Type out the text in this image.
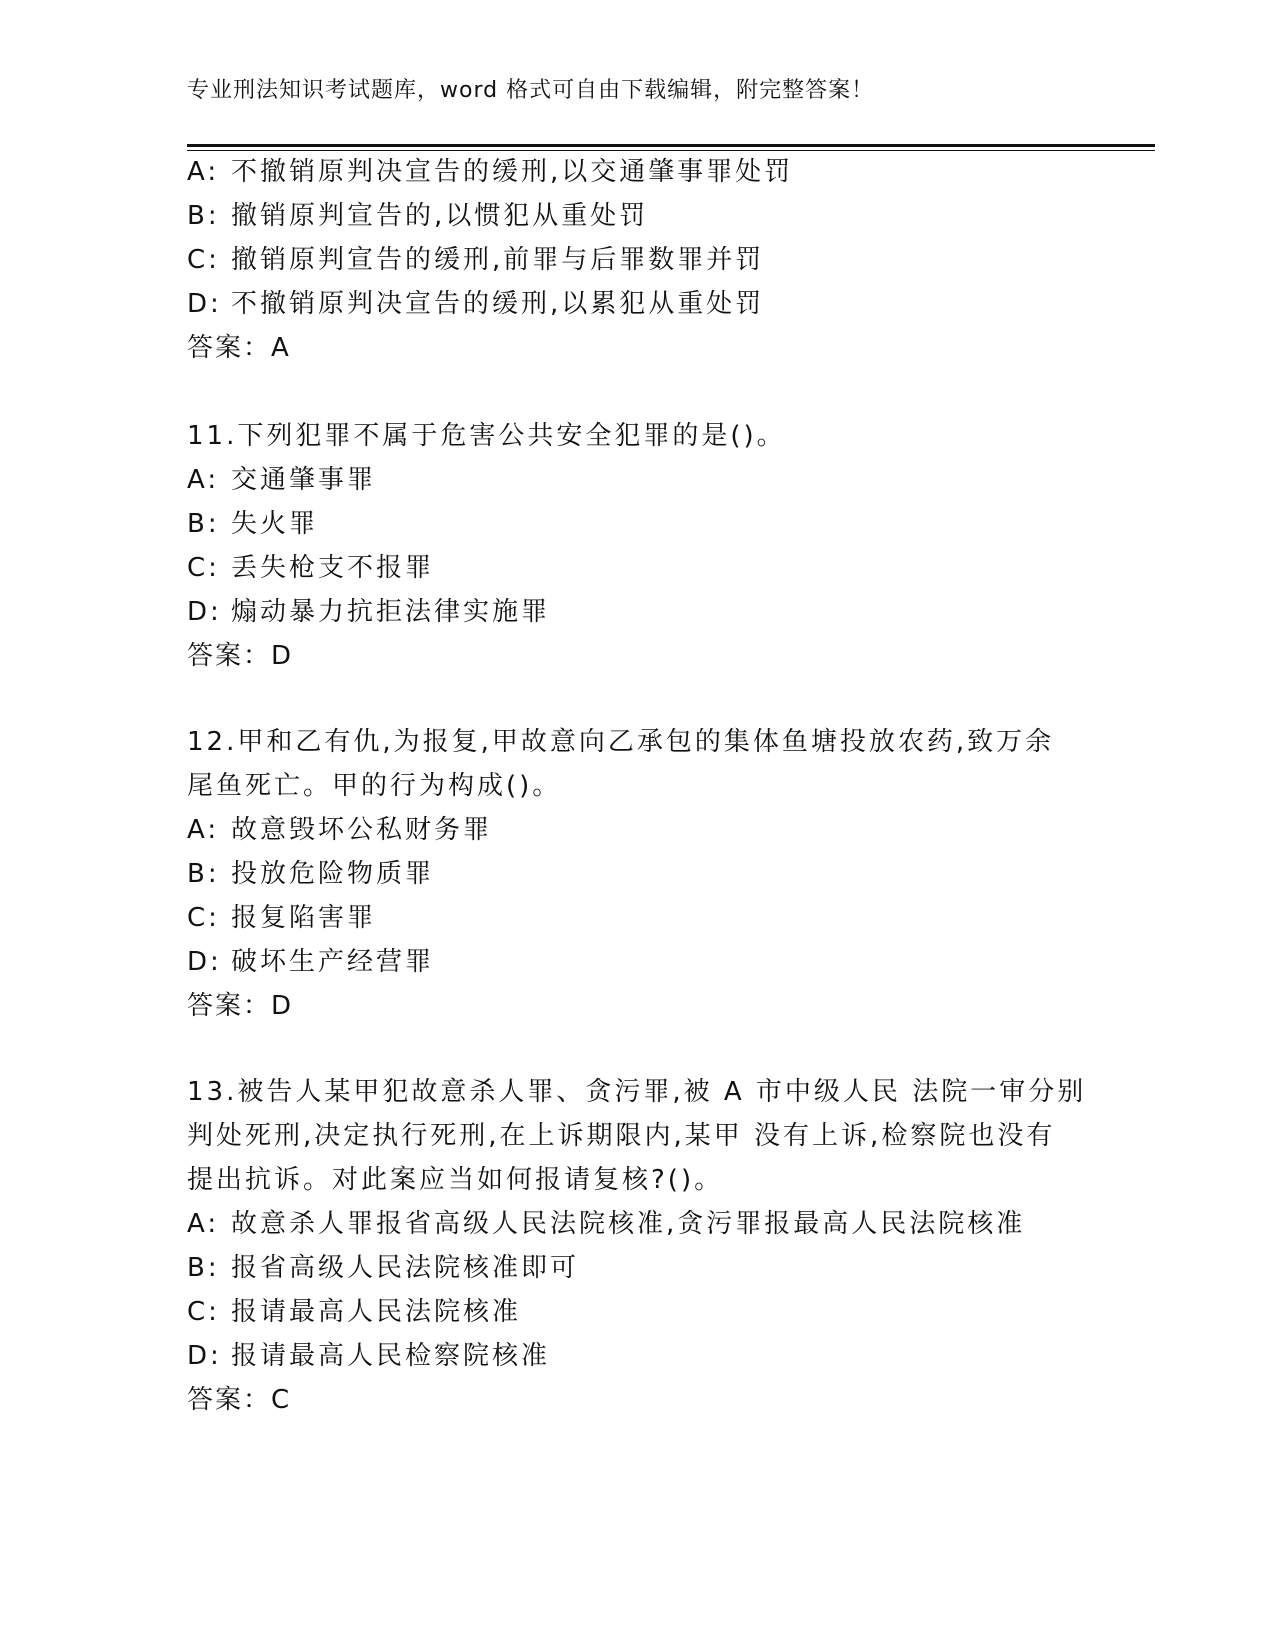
专业刑法知识考试题库，word 格式可自由下载编辑，附完整答案！
A: 不撤销原判决宣告的缓刑,以交通肇事罪处罚
B: 撤销原判宣告的,以惯犯从重处罚
C: 撤销原判宣告的缓刑,前罪与后罪数罪并罚
D: 不撤销原判决宣告的缓刑,以累犯从重处罚
答案：A
11.下列犯罪不属于危害公共安全犯罪的是()。
A: 交通肇事罪
B: 失火罪
C: 丢失枪支不报罪
D: 煽动暴力抗拒法律实施罪
答案：D
12.甲和乙有仇,为报复,甲故意向乙承包的集体鱼塘投放农药,致万余
尾鱼死亡。甲的行为构成()。
A: 故意毁坏公私财务罪
B: 投放危险物质罪
C: 报复陷害罪
D: 破坏生产经营罪
答案：D
13.被告人某甲犯故意杀人罪、贪污罪,被 A 市中级人民 法院一审分别
判处死刑,决定执行死刑,在上诉期限内,某甲 没有上诉,检察院也没有
提出抗诉。对此案应当如何报请复核?()。
A: 故意杀人罪报省高级人民法院核准,贪污罪报最高人民法院核准
B: 报省高级人民法院核准即可
C: 报请最高人民法院核准
D: 报请最高人民检察院核准
答案：C
